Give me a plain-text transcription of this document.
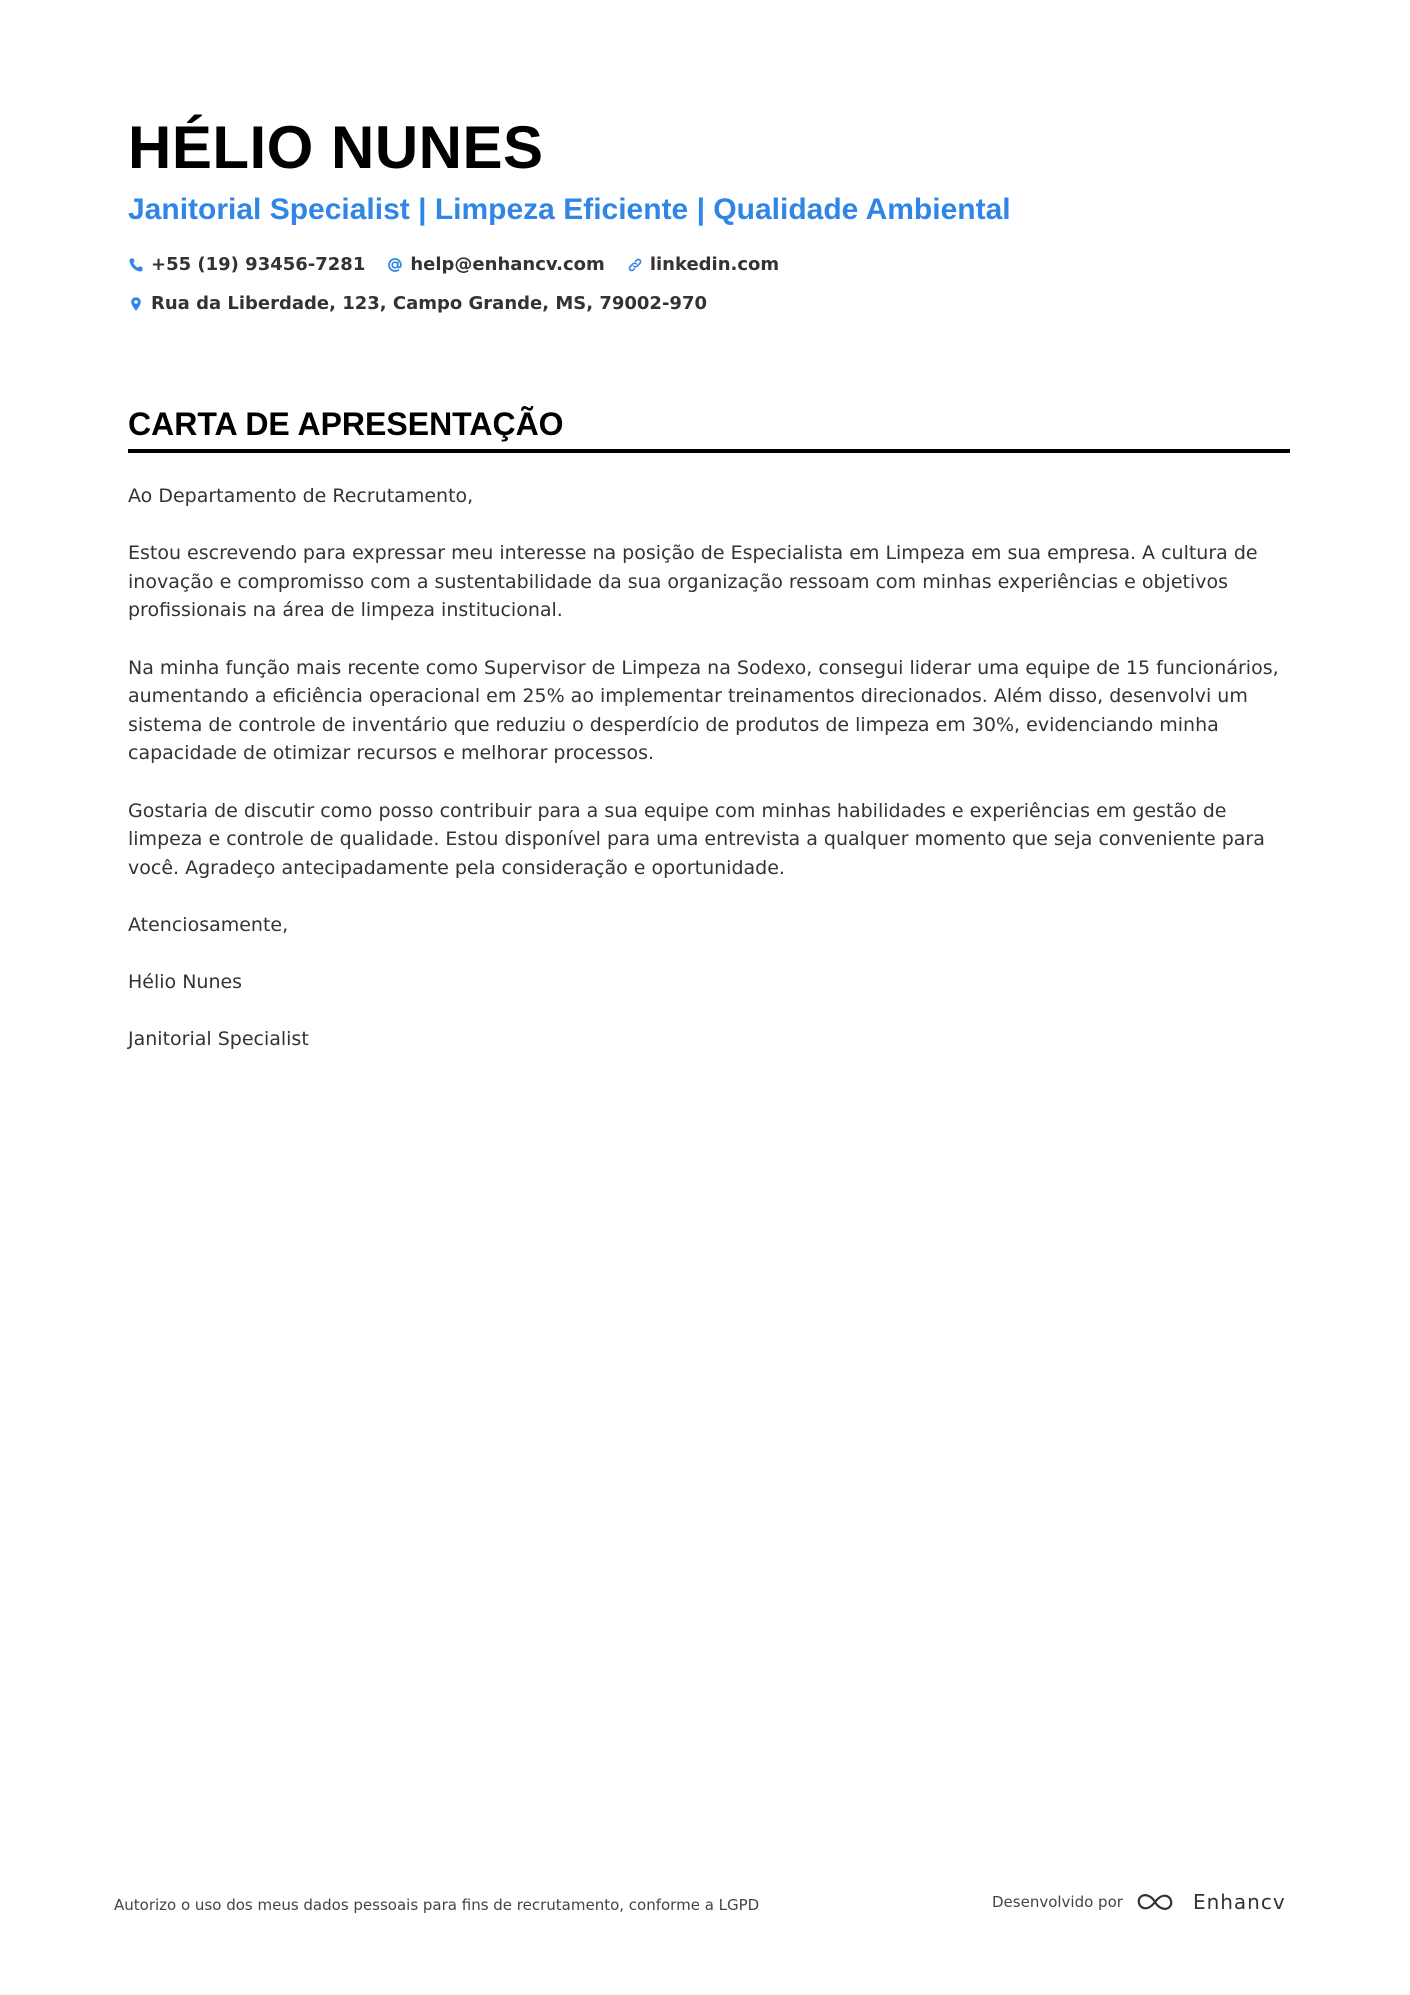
HÉLIO NUNES
Janitorial Specialist | Limpeza Eficiente | Qualidade Ambiental
+55 (19) 93456-7281	help@enhancv.com	linkedin.com
Rua da Liberdade, 123, Campo Grande, MS, 79002-970
CARTA DE APRESENTAÇÃO

Ao Departamento de Recrutamento,

Estou escrevendo para expressar meu interesse na posição de Especialista em Limpeza em sua empresa. A cultura de inovação e compromisso com a sustentabilidade da sua organização ressoam com minhas experiências e objetivos profissionais na área de limpeza institucional.

Na minha função mais recente como Supervisor de Limpeza na Sodexo, consegui liderar uma equipe de 15 funcionários, aumentando a eficiência operacional em 25% ao implementar treinamentos direcionados. Além disso, desenvolvi um sistema de controle de inventário que reduziu o desperdício de produtos de limpeza em 30%, evidenciando minha capacidade de otimizar recursos e melhorar processos.

Gostaria de discutir como posso contribuir para a sua equipe com minhas habilidades e experiências em gestão de limpeza e controle de qualidade. Estou disponível para uma entrevista a qualquer momento que seja conveniente para você. Agradeço antecipadamente pela consideração e oportunidade.

Atenciosamente,

Hélio Nunes

Janitorial Specialist

Autorizo o uso dos meus dados pessoais para fins de recrutamento, conforme a LGPD	Desenvolvido por	Enhancv
